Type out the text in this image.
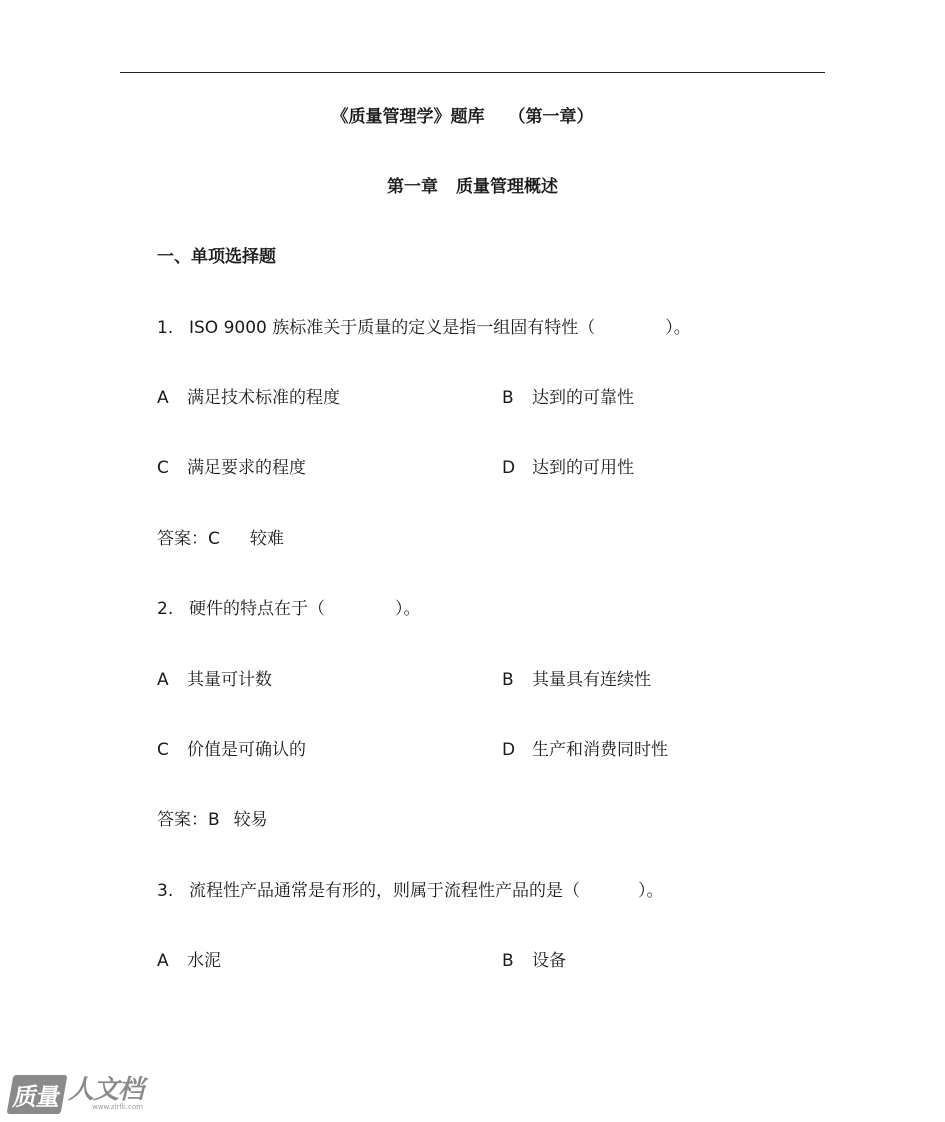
《质量管理学》题库 （第一章）
第一章 质量管理概述
一、单项选择题
1. ISO 9000 族标准关于质量的定义是指一组固有特性（	）。
A 满足技术标准的程度	B 达到的可靠性
C 满足要求的程度	D 达到的可用性
答案：C 较难
2. 硬件的特点在于（	）。
A 其量可计数	B 其量具有连续性
C 价值是可确认的	D 生产和消费同时性
答案：B 较易
3. 流程性产品通常是有形的，则属于流程性产品的是（	）。
A 水泥	B 设备
质量 人文档
www.zlrfk.com
